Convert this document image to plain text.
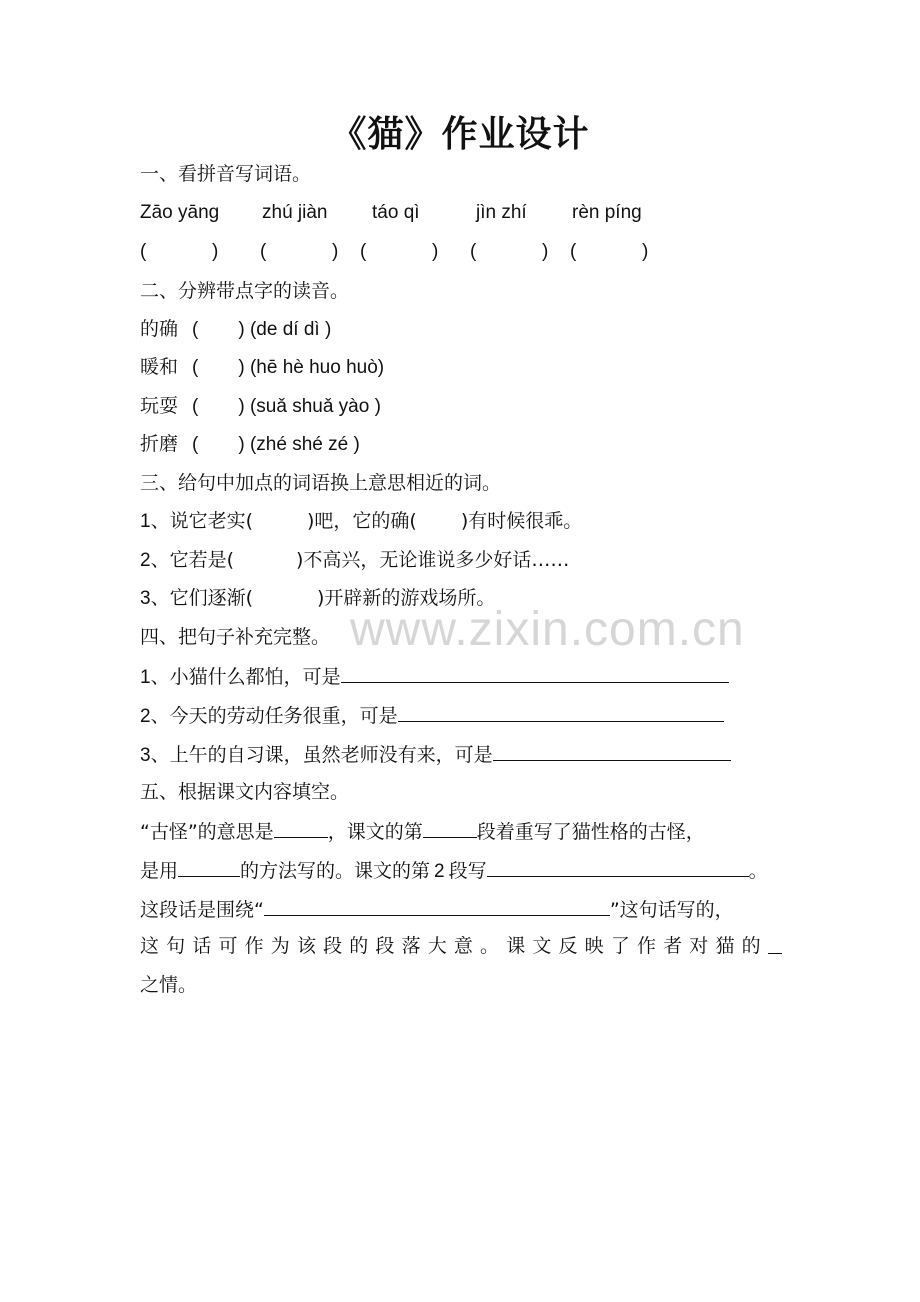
《猫》作业设计
www.zixin.com.cn
一、看拼音写词语。
Zāo yāng zhú jiàn táo qì	jìn zhí rèn píng
(	) (	) (	) (	) (	)
二、分辨带点字的读音。
的确 ( ) (de dí dì )
暖和 ( ) (hē hè huo huò)
玩耍 ( ) (suǎ shuǎ yào )
折磨 ( ) (zhé shé zé )
三、给句中加点的词语换上意思相近的词。
1、说它老实(	)吧，它的确( )有时候很乖。
2、它若是(	)不高兴，无论谁说多少好话……
3、它们逐渐(	)开辟新的游戏场所。
四、把句子补充完整。
1、小猫什么都怕，可是
2、今天的劳动任务很重，可是
3、上午的自习课，虽然老师没有来，可是
五、根据课文内容填空。
“古怪”的意思是	，课文的第	段着重写了猫性格的古怪，
是用	的方法写的。课文的第 2 段写	。
这段话是围绕“	”这句话写的，
这 句 话 可 作 为 该 段 的 段 落 大 意 。 课 文 反 映 了 作 者 对 猫 的
之情。
